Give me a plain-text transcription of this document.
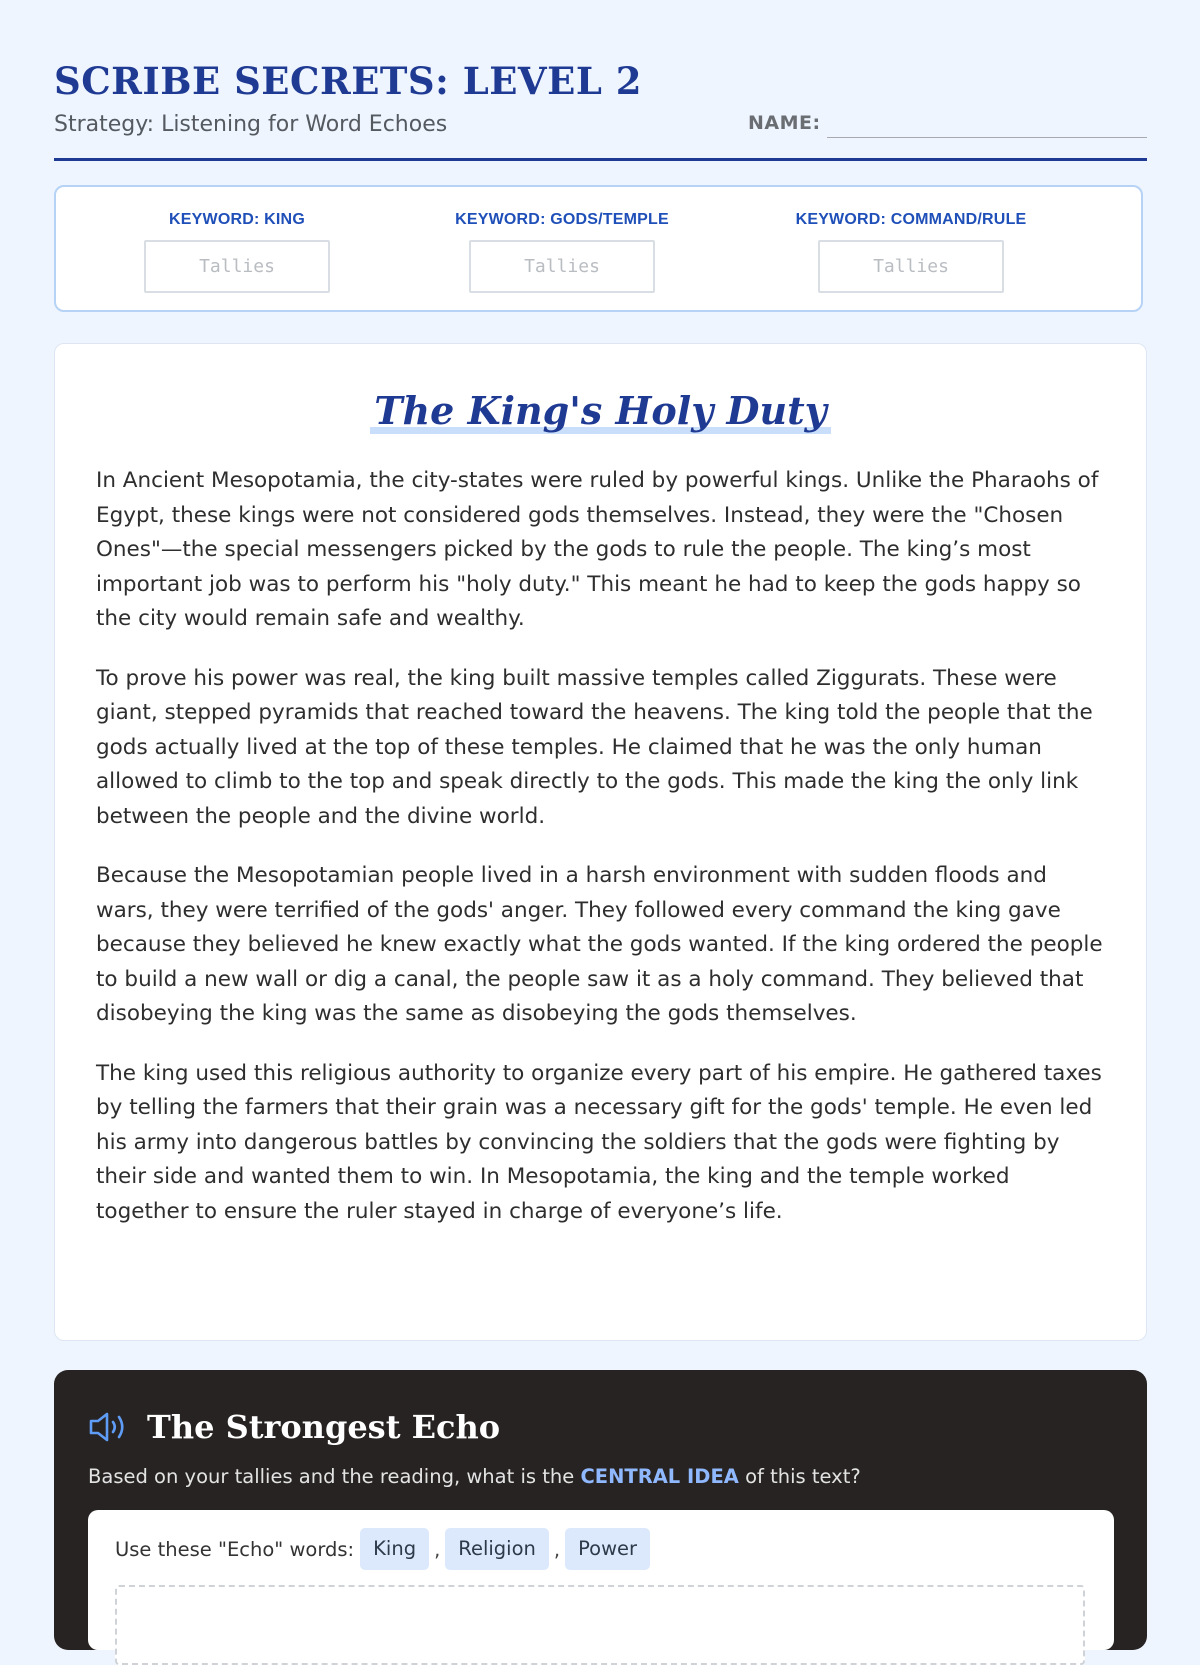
SCRIBE SECRETS: LEVEL 2
Strategy: Listening for Word Echoes	NAME:
KEYWORD: KING
Tallies	KEYWORD: GODS/TEMPLE
Tallies	KEYWORD: COMMAND/RULE
Tallies
The King's Holy Duty

In Ancient Mesopotamia, the city-states were ruled by powerful kings. Unlike the Pharaohs of Egypt, these kings were not considered gods themselves. Instead, they were the "Chosen Ones"—the special messengers picked by the gods to rule the people. The king’s most important job was to perform his "holy duty." This meant he had to keep the gods happy so the city would remain safe and wealthy.

To prove his power was real, the king built massive temples called Ziggurats. These were giant, stepped pyramids that reached toward the heavens. The king told the people that the gods actually lived at the top of these temples. He claimed that he was the only human allowed to climb to the top and speak directly to the gods. This made the king the only link between the people and the divine world.

Because the Mesopotamian people lived in a harsh environment with sudden floods and wars, they were terrified of the gods' anger. They followed every command the king gave because they believed he knew exactly what the gods wanted. If the king ordered the people to build a new wall or dig a canal, the people saw it as a holy command. They believed that disobeying the king was the same as disobeying the gods themselves.

The king used this religious authority to organize every part of his empire. He gathered taxes by telling the farmers that their grain was a necessary gift for the gods' temple. He even led his army into dangerous battles by convincing the soldiers that the gods were fighting by their side and wanted them to win. In Mesopotamia, the king and the temple worked together to ensure the ruler stayed in charge of everyone’s life.

The Strongest Echo
Based on your tallies and the reading, what is the CENTRAL IDEA of this text?
Use these "Echo" words: King , Religion , Power
